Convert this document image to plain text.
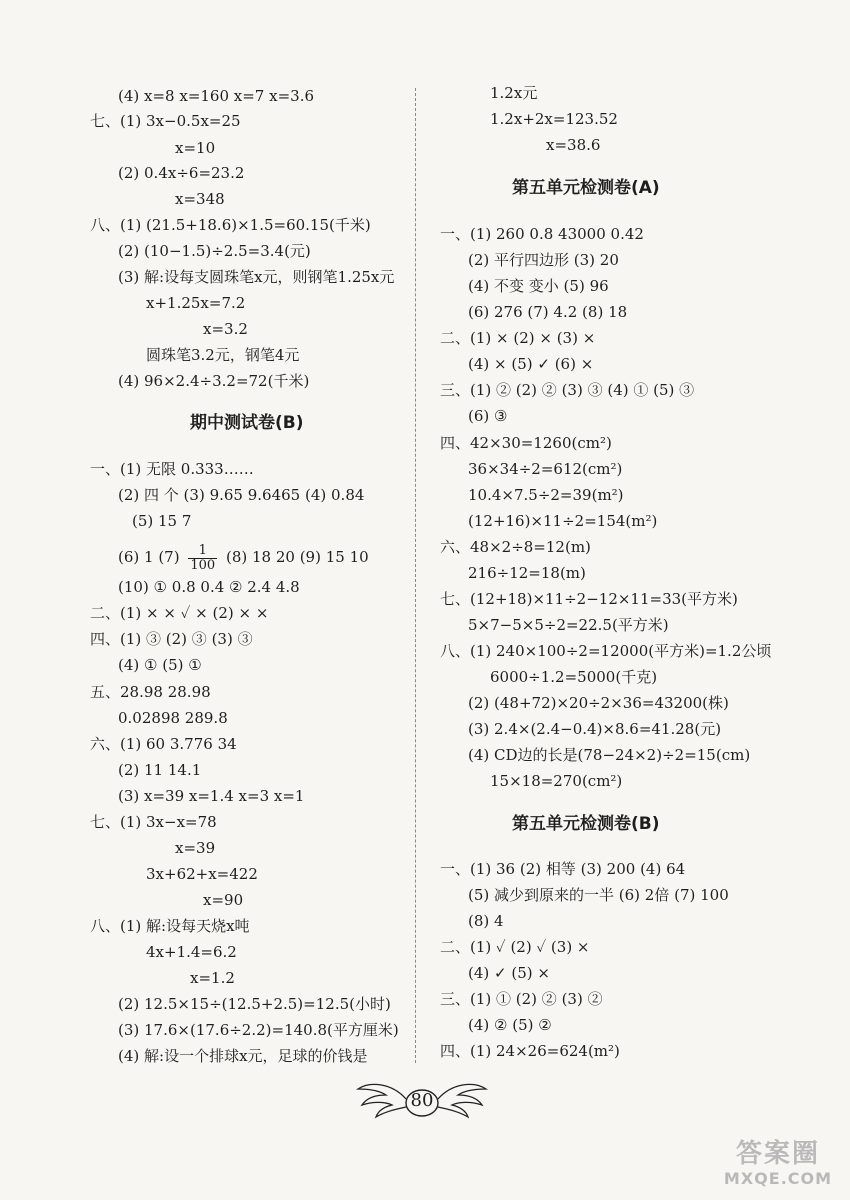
(4) x=8 x=160 x=7 x=3.6
七、(1) 3x−0.5x=25
x=10
(2) 0.4x÷6=23.2
x=348
八、(1) (21.5+18.6)×1.5=60.15(千米)
(2) (10−1.5)÷2.5=3.4(元)
(3) 解:设每支圆珠笔x元，则钢笔1.25x元
x+1.25x=7.2
x=3.2
圆珠笔3.2元，钢笔4元
(4) 96×2.4÷3.2=72(千米)
期中测试卷(B)
一、(1) 无限 0.333……
(2) 四 个 (3) 9.65 9.6465 (4) 0.84
(5) 15 7
(6) 1 $(7) \frac{1}{100} (8)$ 18 20 (9) 15 10
(10) ① 0.8 0.4 ② 2.4 4.8
二、(1) × × ✓ × (2) × ×
四、(1) ③ (2) ③ (3) ③
(4) ① (5) ①
五、28.98 28.98
0.02898 289.8
六、(1) 60 3.776 34
(2) 11 14.1
(3) x=39 x=1.4 x=3 x=1
七、(1) 3x−x=78
x=39
3x+62+x=422
x=90
八、(1) 解:设每天烧x吨
4x+1.4=6.2
x=1.2
(2) 12.5×15÷(12.5+2.5)=12.5(小时)
(3) 17.6×(17.6÷2.2)=140.8(平方厘米)
(4) 解:设一个排球x元，足球的价钱是
1.2x元
1.2x+2x=123.52
x=38.6
第五单元检测卷(A)
一、(1) 260 0.8 43000 0.42
(2) 平行四边形 (3) 20
(4) 不变 变小 (5) 96
(6) 276 (7) 4.2 (8) 18
二、(1) × (2) × (3) ×
(4) × (5) ✓ (6) ×
三、(1) ② (2) ② (3) ③ (4) ① (5) ③
(6) ③
四、42×30=1260(cm²)
36×34÷2=612(cm²)
10.4×7.5÷2=39(m²)
(12+16)×11÷2=154(m²)
六、48×2÷8=12(m)
216÷12=18(m)
七、(12+18)×11÷2−12×11=33(平方米)
5×7−5×5÷2=22.5(平方米)
八、(1) 240×100÷2=12000(平方米)=1.2公顷
6000÷1.2=5000(千克)
(2) (48+72)×20÷2×36=43200(株)
(3) 2.4×(2.4−0.4)×8.6=41.28(元)
(4) CD边的长是(78−24×2)÷2=15(cm)
15×18=270(cm²)
第五单元检测卷(B)
一、(1) 36 (2) 相等 (3) 200 (4) 64
(5) 减少到原来的一半 (6) 2倍 (7) 100
(8) 4
二、(1) ✓ (2) ✓ (3) ×
(4) ✓ (5) ×
三、(1) ① (2) ② (3) ②
(4) ② (5) ②
四、(1) 24×26=624(m²)
80
答案圈
MXQE.COM
